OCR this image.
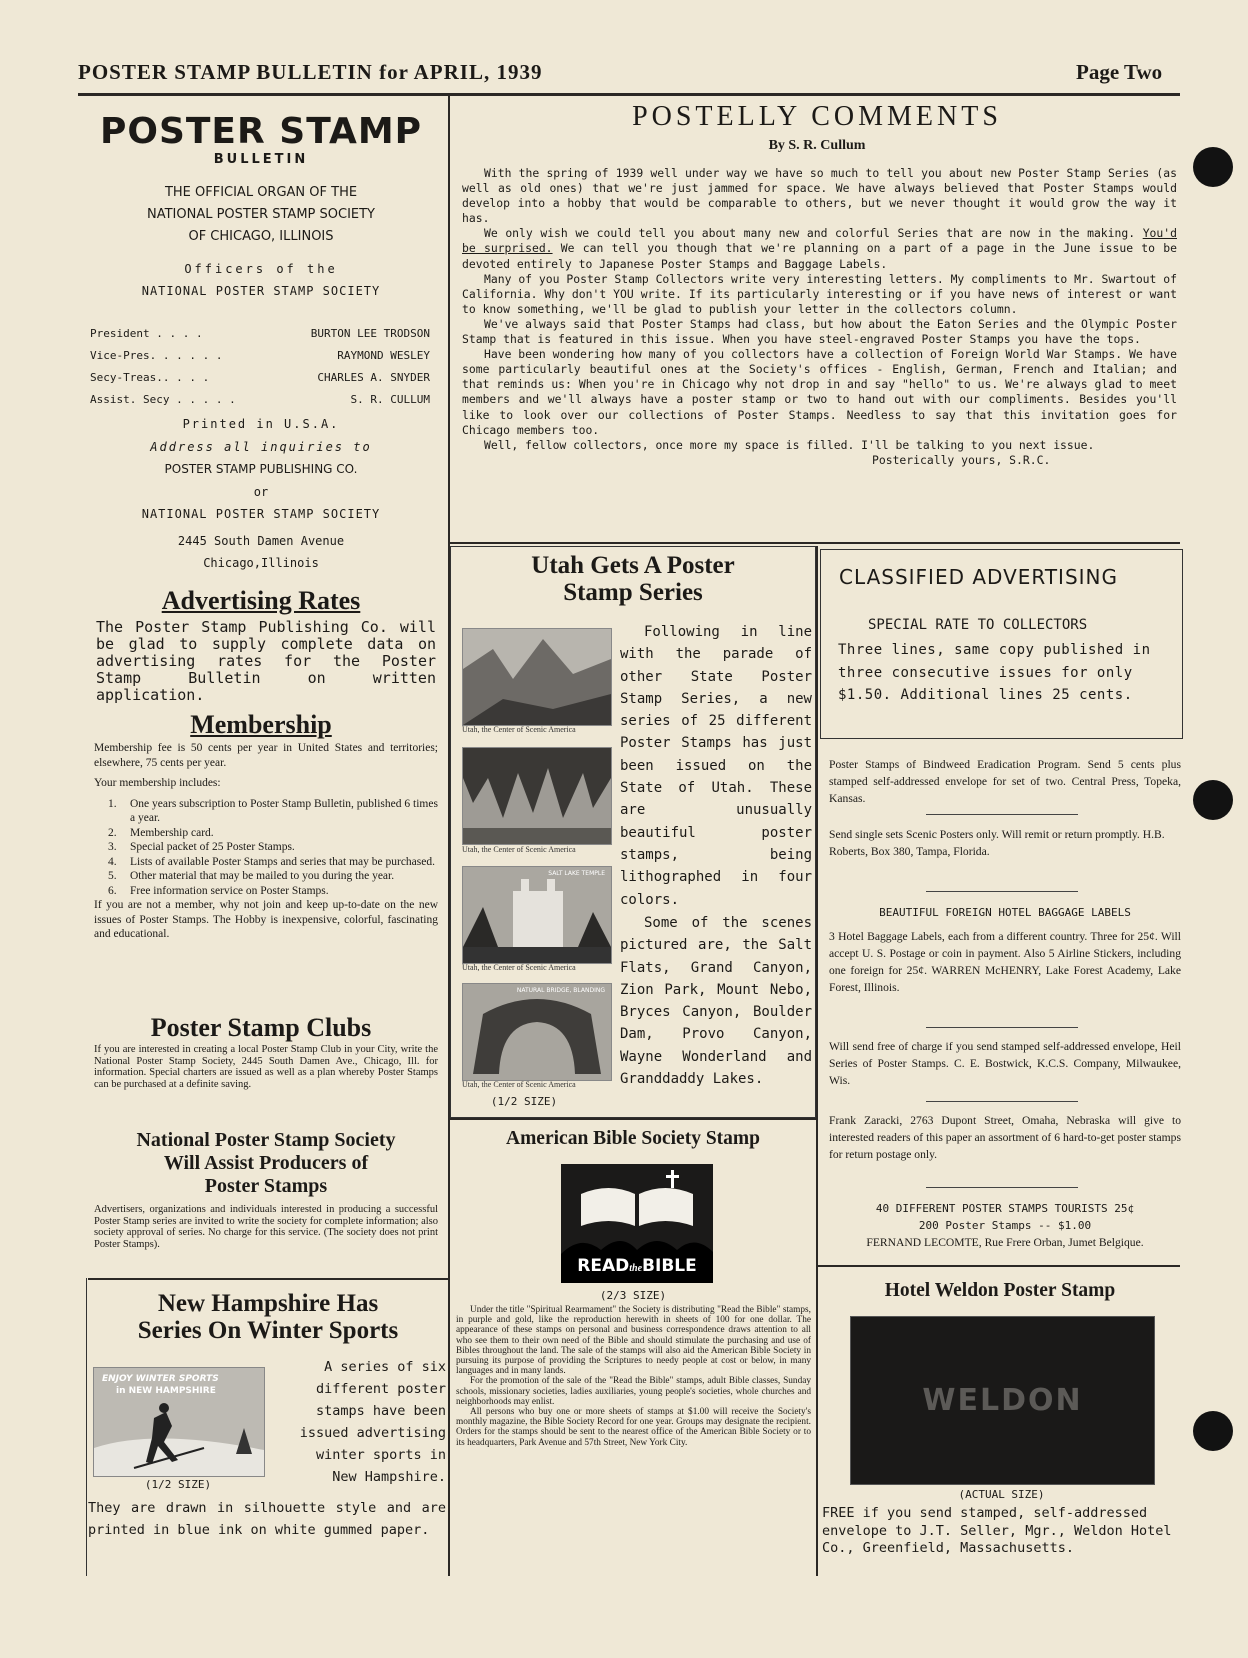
POSTER STAMP BULLETIN for APRIL, 1939	Page Two
POSTER STAMP
BULLETIN
THE OFFICIAL ORGAN OF THE
NATIONAL POSTER STAMP SOCIETY
OF CHICAGO, ILLINOIS
Officers of the
NATIONAL POSTER STAMP SOCIETY
President . . . .	BURTON LEE TRODSON
Vice-Pres. . . . . .	RAYMOND WESLEY
Secy-Treas.. . . .	CHARLES A. SNYDER
Assist. Secy . . . . .	S. R. CULLUM
Printed in U.S.A.
Address all inquiries to
POSTER STAMP PUBLISHING CO.
or
NATIONAL POSTER STAMP SOCIETY
2445 South Damen Avenue
Chicago,Illinois
Advertising Rates
The Poster Stamp Publishing Co. will be glad to supply complete data on advertising rates for the Poster Stamp Bulletin on written application.
Membership

Membership fee is 50 cents per year in United States and territories; elsewhere, 75 cents per year.

Your membership includes:

1. One years subscription to Poster Stamp Bulletin, published 6 times a year.
2. Membership card.
3. Special packet of 25 Poster Stamps.
4. Lists of available Poster Stamps and series that may be purchased.
5. Other material that may be mailed to you during the year.
6. Free information service on Poster Stamps.

If you are not a member, why not join and keep up-to-date on the new issues of Poster Stamps. The Hobby is inexpensive, colorful, fascinating and educational.

Poster Stamp Clubs
If you are interested in creating a local Poster Stamp Club in your City, write the National Poster Stamp Society, 2445 South Damen Ave., Chicago, Ill. for information. Special charters are issued as well as a plan whereby Poster Stamps can be purchased at a definite saving.
National Poster Stamp Society
Will Assist Producers of
Poster Stamps
Advertisers, organizations and individuals interested in producing a successful Poster Stamp series are invited to write the society for complete information; also society approval of series. No charge for this service. (The society does not print Poster Stamps).
New Hampshire Has
Series On Winter Sports
ENJOY WINTER SPORTS
in NEW HAMPSHIRE
(1/2 SIZE)
A series of six different poster stamps have been issued advertising winter sports in New Hampshire.
They are drawn in silhouette style and are printed in blue ink on white gummed paper.
POSTELLY COMMENTS
By S. R. Cullum

With the spring of 1939 well under way we have so much to tell you about new Poster Stamp Series (as well as old ones) that we're just jammed for space. We have always believed that Poster Stamps would develop into a hobby that would be comparable to others, but we never thought it would grow the way it has.

We only wish we could tell you about many new and colorful Series that are now in the making. You'd be surprised. We can tell you though that we're planning on a part of a page in the June issue to be devoted entirely to Japanese Poster Stamps and Baggage Labels.

Many of you Poster Stamp Collectors write very interesting letters. My compliments to Mr. Swartout of California. Why don't YOU write. If its particularly interesting or if you have news of interest or want to know something, we'll be glad to publish your letter in the collectors column.

We've always said that Poster Stamps had class, but how about the Eaton Series and the Olympic Poster Stamp that is featured in this issue. When you have steel-engraved Poster Stamps you have the tops.

Have been wondering how many of you collectors have a collection of Foreign World War Stamps. We have some particularly beautiful ones at the Society's offices - English, German, French and Italian; and that reminds us: When you're in Chicago why not drop in and say "hello" to us. We're always glad to meet members and we'll always have a poster stamp or two to hand out with our compliments. Besides you'll like to look over our collections of Poster Stamps. Needless to say that this invitation goes for Chicago members too.

Well, fellow collectors, once more my space is filled. I'll be talking to you next issue.

Posterically yours, S.R.C.

Utah Gets A Poster
Stamp Series
Utah, the Center of Scenic America
Utah, the Center of Scenic America
SALT LAKE TEMPLE
Utah, the Center of Scenic America
NATURAL BRIDGE, BLANDING
Utah, the Center of Scenic America
(1/2 SIZE)
Following in line with the parade of other State Poster Stamp Series, a new series of 25 different Poster Stamps has just been issued on the State of Utah. These are unusually beautiful poster stamps, being lithographed in four colors.
Some of the scenes pictured are, the Salt Flats, Grand Canyon, Zion Park, Mount Nebo, Bryces Canyon, Boulder Dam, Provo Canyon, Wayne Wonderland and Granddaddy Lakes.
American Bible Society Stamp
READtheBIBLE
(2/3 SIZE)

Under the title "Spiritual Rearmament" the Society is distributing "Read the Bible" stamps, in purple and gold, like the reproduction herewith in sheets of 100 for one dollar. The appearance of these stamps on personal and business correspondence draws attention to all who see them to their own need of the Bible and should stimulate the purchasing and use of Bibles throughout the land. The sale of the stamps will also aid the American Bible Society in pursuing its purpose of providing the Scriptures to needy people at cost or below, in many languages and in many lands.

For the promotion of the sale of the "Read the Bible" stamps, adult Bible classes, Sunday schools, missionary societies, ladies auxiliaries, young people's societies, whole churches and neighborhoods may enlist.

All persons who buy one or more sheets of stamps at $1.00 will receive the Society's monthly magazine, the Bible Society Record for one year. Groups may designate the recipient. Orders for the stamps should be sent to the nearest office of the American Bible Society or to its headquarters, Park Avenue and 57th Street, New York City.

CLASSIFIED ADVERTISING
SPECIAL RATE TO COLLECTORS
Three lines, same copy published in three consecutive issues for only $1.50. Additional lines 25 cents.

Poster Stamps of Bindweed Eradication Program. Send 5 cents plus stamped self-addressed envelope for set of two. Central Press, Topeka, Kansas.

Send single sets Scenic Posters only. Will remit or return promptly. H.B. Roberts, Box 380, Tampa, Florida.

BEAUTIFUL FOREIGN HOTEL BAGGAGE LABELS

3 Hotel Baggage Labels, each from a different country. Three for 25¢. Will accept U. S. Postage or coin in payment. Also 5 Airline Stickers, including one foreign for 25¢. WARREN McHENRY, Lake Forest Academy, Lake Forest, Illinois.

Will send free of charge if you send stamped self-addressed envelope, Heil Series of Poster Stamps. C. E. Bostwick, K.C.S. Company, Milwaukee, Wis.

Frank Zaracki, 2763 Dupont Street, Omaha, Nebraska will give to interested readers of this paper an assortment of 6 hard-to-get poster stamps for return postage only.

40 DIFFERENT POSTER STAMPS TOURISTS 25¢
200 Poster Stamps -- $1.00
FERNAND LECOMTE, Rue Frere Orban, Jumet Belgique.
Hotel Weldon Poster Stamp
WELDON
(ACTUAL SIZE)
FREE if you send stamped, self-addressed envelope to J.T. Seller, Mgr., Weldon Hotel Co., Greenfield, Massachusetts.
